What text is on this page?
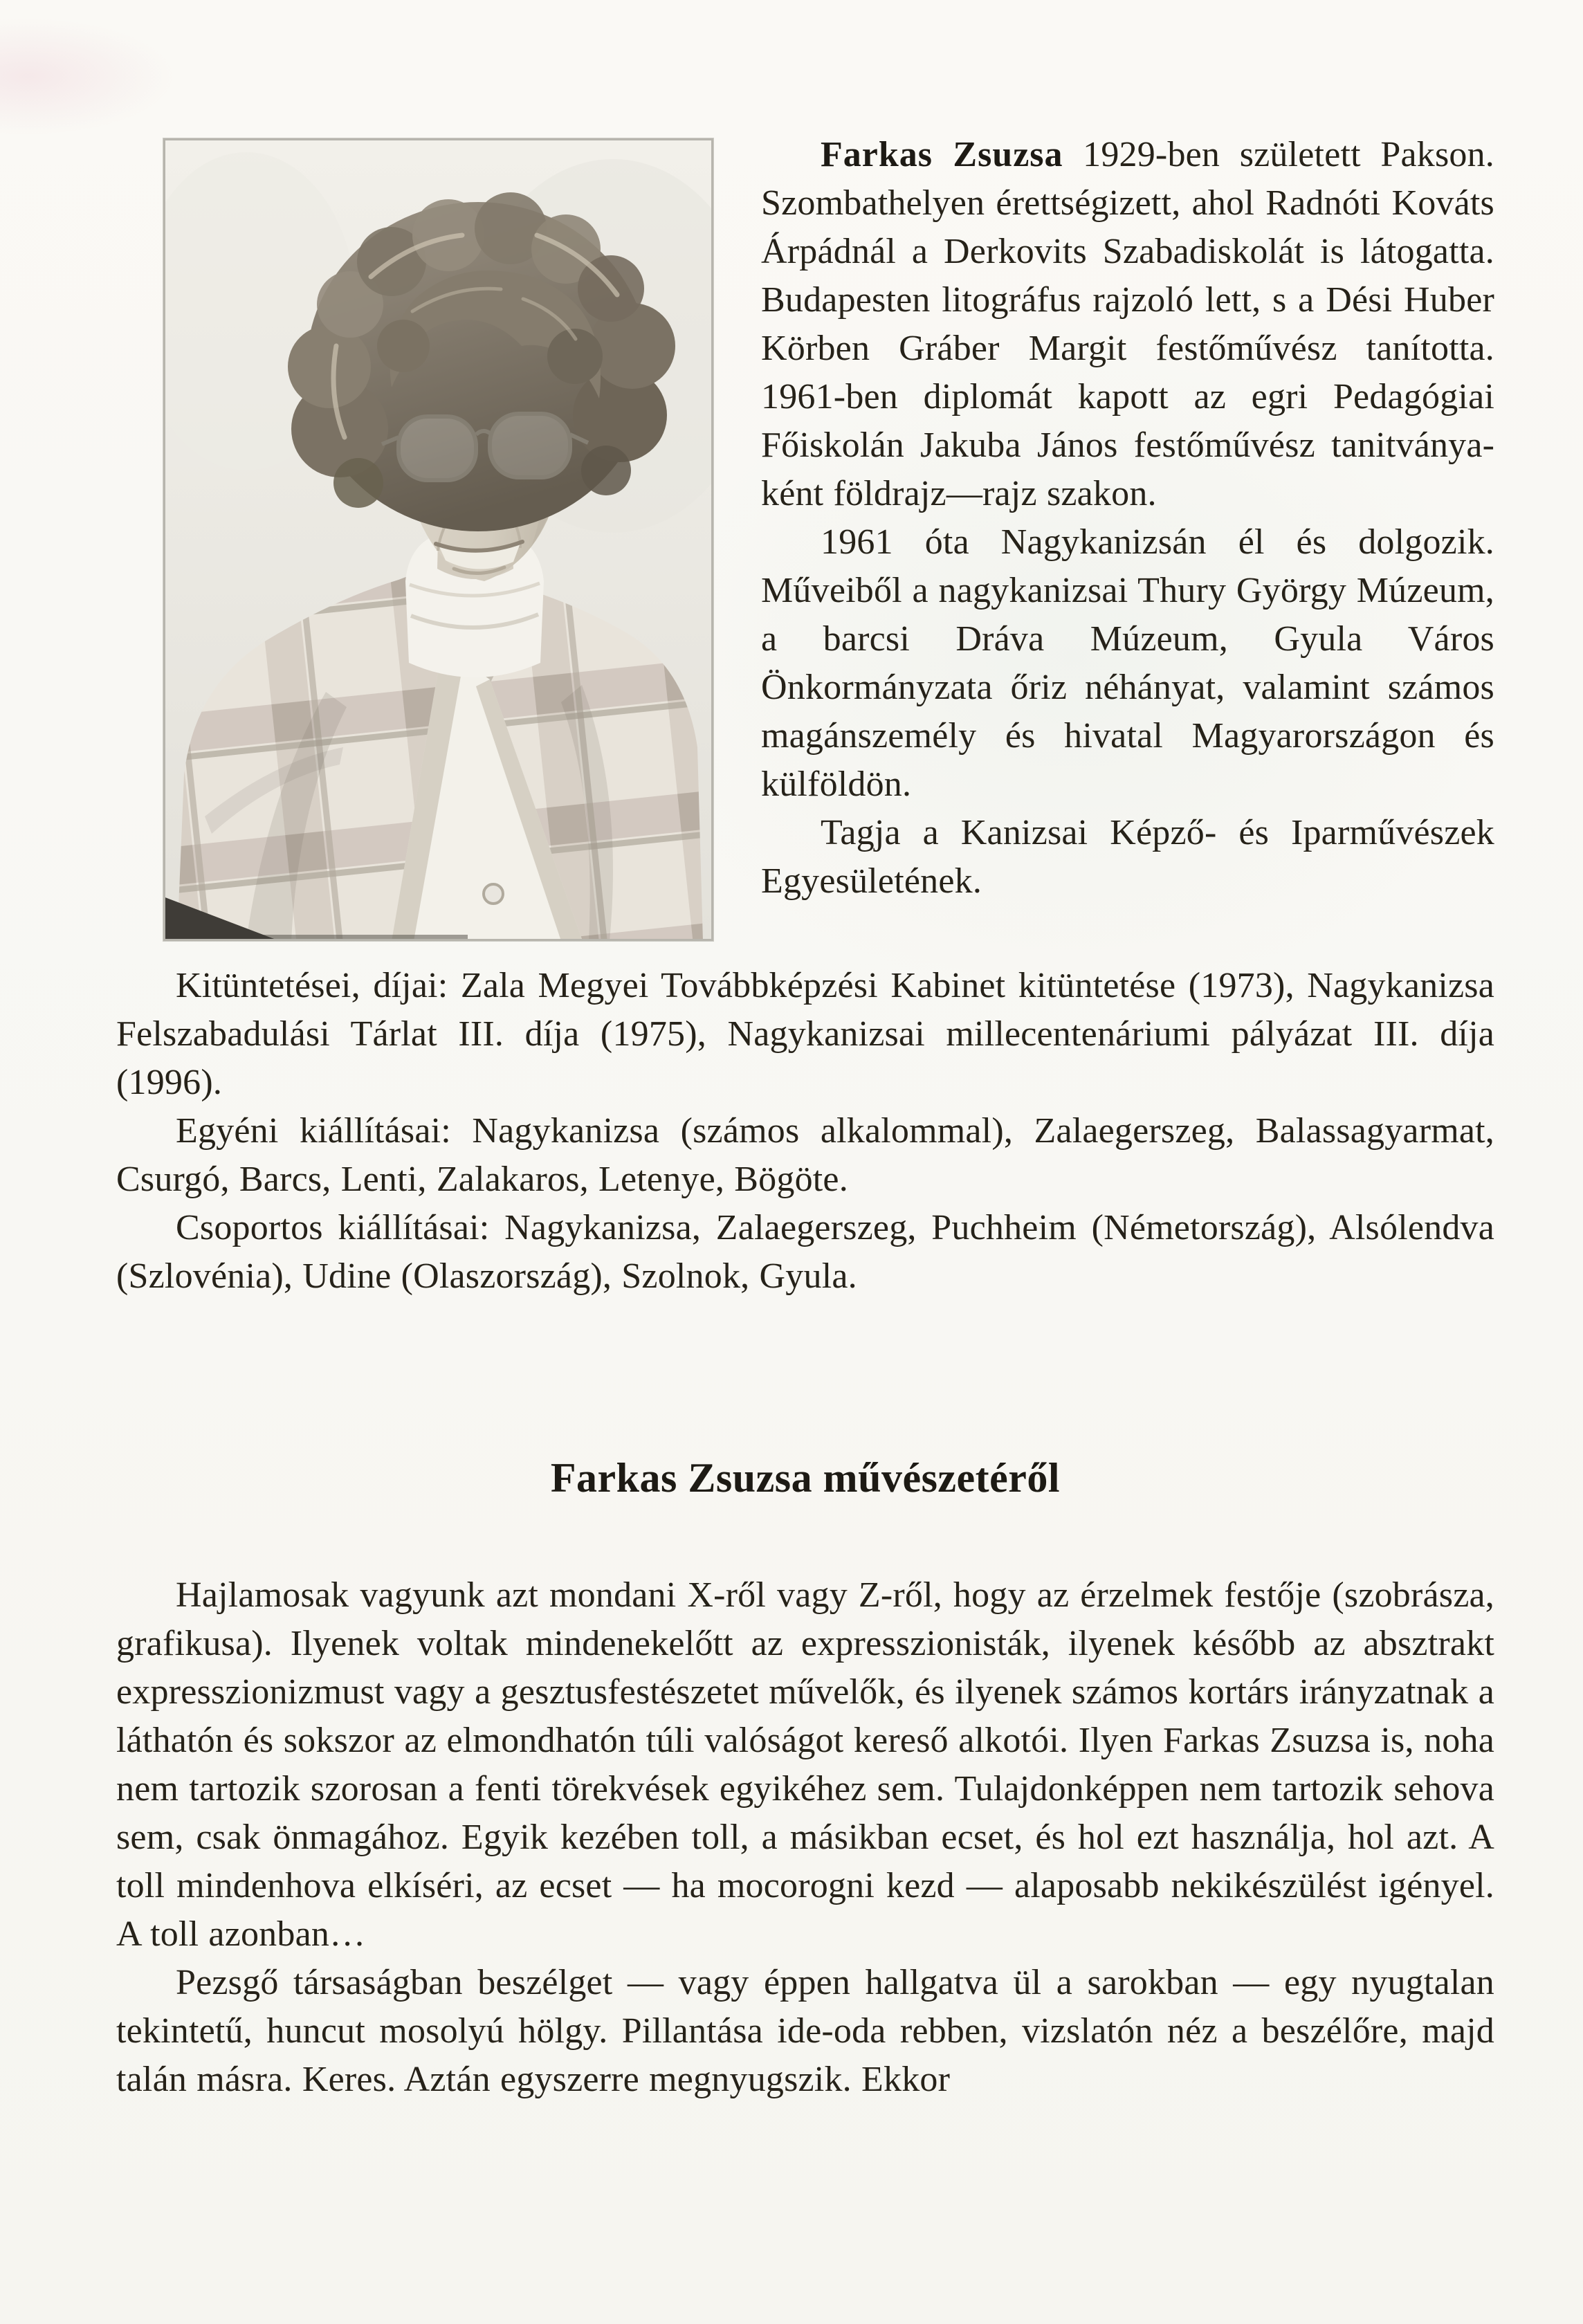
Farkas Zsuzsa 1929-ben született Pakson. Szombathelyen érettségizett, ahol Radnóti Kováts Árpádnál a Derkovits Szabadiskolát is látogatta. Budapesten litográfus rajzoló lett, s a Dési Huber Körben Gráber Margit festőművész tanította. 1961-ben diplomát kapott az egri Pedagógiai Főiskolán Jakuba János festőművész tanitványaként földrajz—rajz szakon.

1961 óta Nagykanizsán él és dolgozik. Műveiből a nagykanizsai Thury György Múzeum, a barcsi Dráva Múzeum, Gyula Város Önkormányzata őriz néhányat, valamint számos magánszemély és hivatal Magyarországon és külföldön.

Tagja a Kanizsai Képző- és Iparművészek Egyesületének.

Kitüntetései, díjai: Zala Megyei Továbbképzési Kabinet kitüntetése (1973), Nagykanizsa Felszabadulási Tárlat III. díja (1975), Nagykanizsai millecentenáriumi pályázat III. díja (1996).

Egyéni kiállításai: Nagykanizsa (számos alkalommal), Zalaegerszeg, Balassagyarmat, Csurgó, Barcs, Lenti, Zalakaros, Letenye, Bögöte.

Csoportos kiállításai: Nagykanizsa, Zalaegerszeg, Puchheim (Németország), Alsólendva (Szlovénia), Udine (Olaszország), Szolnok, Gyula.

Farkas Zsuzsa művészetéről

Hajlamosak vagyunk azt mondani X-ről vagy Z-ről, hogy az érzelmek festője (szobrásza, grafikusa). Ilyenek voltak mindenekelőtt az expresszionisták, ilyenek később az absztrakt expresszionizmust vagy a gesztusfestészetet művelők, és ilyenek számos kortárs irányzatnak a láthatón és sokszor az elmondhatón túli valóságot kereső alkotói. Ilyen Farkas Zsuzsa is, noha nem tartozik szorosan a fenti törekvések egyikéhez sem. Tulajdonképpen nem tartozik sehova sem, csak önmagához. Egyik kezében toll, a másikban ecset, és hol ezt használja, hol azt. A toll mindenhova elkíséri, az ecset — ha mocorogni kezd — alaposabb nekikészülést igényel. A toll azonban…

Pezsgő társaságban beszélget — vagy éppen hallgatva ül a sarokban — egy nyugtalan tekintetű, huncut mosolyú hölgy. Pillantása ide-oda rebben, vizslatón néz a beszélőre, majd talán másra. Keres. Aztán egyszerre megnyugszik. Ekkor
